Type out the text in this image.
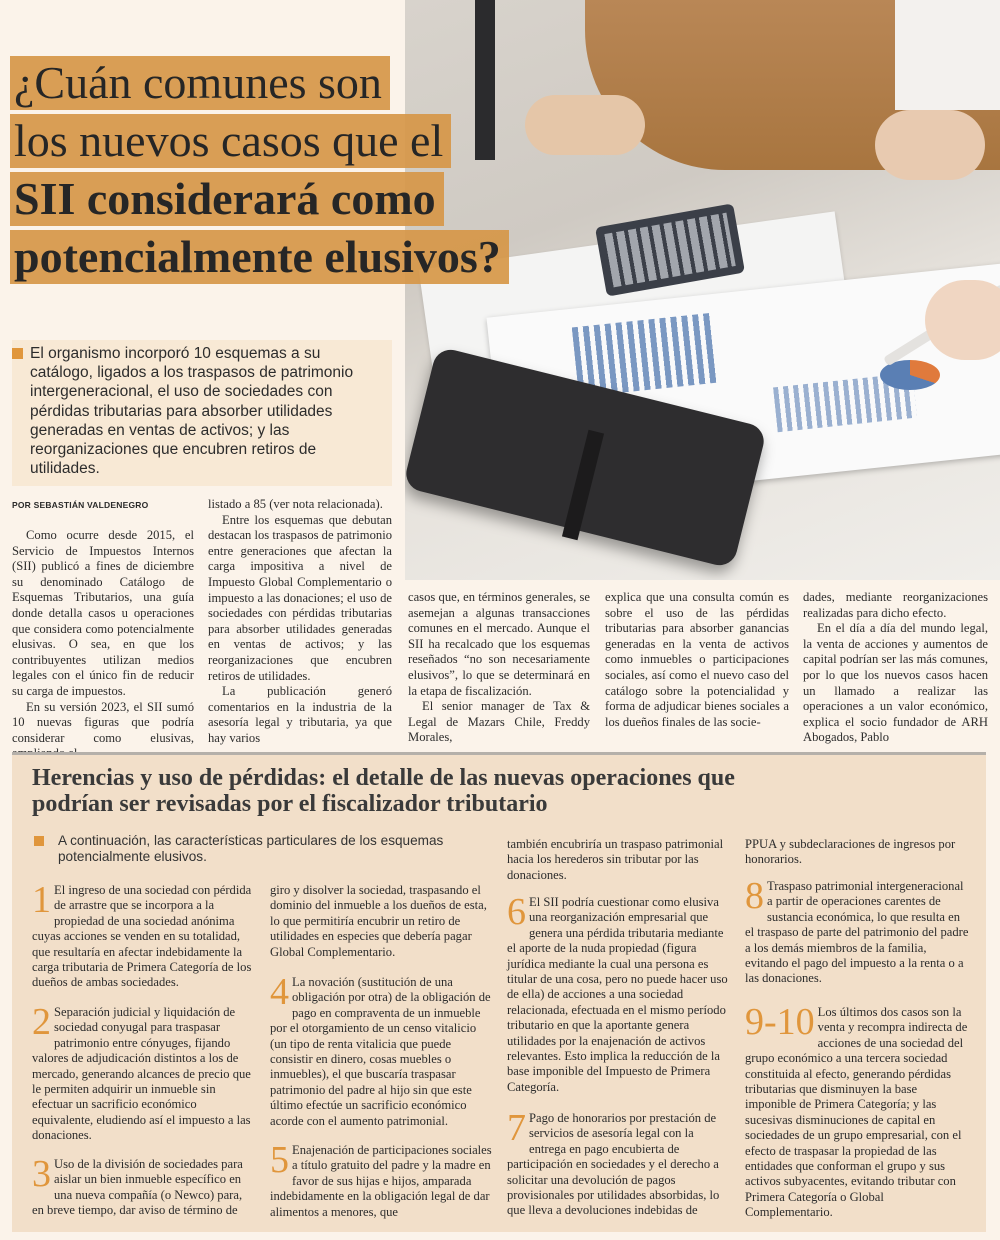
¿Cuán comunes son
los nuevos casos que el
SII considerará como
potencialmente elusivos?

El organismo incorporó 10 esquemas a su catálogo, ligados a los traspasos de patrimonio intergeneracional, el uso de sociedades con pérdidas tributarias para absorber utilidades generadas en ventas de activos; y las reorganizaciones que encubren retiros de utilidades.

POR SEBASTIÁN VALDENEGRO

Como ocurre desde 2015, el Servicio de Impuestos Internos (SII) publicó a fines de diciembre su denominado Catálogo de Esquemas Tributarios, una guía donde detalla casos u operaciones que considera como potencialmente elusivas. O sea, en que los contribuyentes utilizan medios legales con el único fin de reducir su carga de impuestos.

En su versión 2023, el SII sumó 10 nuevas figuras que podría considerar como elusivas,

listado a 85 (ver nota relacionada).

Entre los esquemas que debutan destacan los traspasos de patrimonio entre generaciones que afectan la carga impositiva a nivel de Impuesto Global Complementario o impuesto a las donaciones; el uso de sociedades con pérdidas tributarias para absorber utilidades generadas en ventas de activos; y las reorganizaciones que encubren retiros de utilidades.

La publicación generó comentarios en la industria de la asesoría legal y tributaria, ya que hay varios

casos que, en términos generales, se asemejan a algunas transacciones comunes en el mercado. Aunque el SII ha recalcado que los esquemas reseñados “no son necesariamente elusivos”, lo que se determinará en la etapa de fiscalización.

El senior manager de Tax & Legal de Mazars Chile, Freddy Morales,

explica que una consulta común es sobre el uso de las pérdidas tributarias para absorber ganancias generadas en la venta de activos como inmuebles o participaciones sociales, así como el nuevo caso del catálogo sobre la potencialidad y forma de adjudicar bienes sociales a los dueños finales de las socie-

dades, mediante reorganizaciones realizadas para dicho efecto.

En el día a día del mundo legal, la venta de acciones y aumentos de capital podrían ser las más comunes, por lo que los nuevos casos hacen un llamado a realizar las operaciones a un valor económico, explica el socio fundador de ARH Abogados, Pablo

Herencias y uso de pérdidas: el detalle de las nuevas operaciones que podrían ser revisadas por el fiscalizador tributario
A continuación, las características particulares de los esquemas potencialmente elusivos.
1 El ingreso de una sociedad con pérdida de arrastre que se incorpora a la propiedad de una sociedad anónima cuyas acciones se venden en su totalidad, que resultaría en afectar indebidamente la carga tributaria de Primera Categoría de los dueños de ambas sociedades.
2 Separación judicial y liquidación de sociedad conyugal para traspasar patrimonio entre cónyuges, fijando valores de adjudicación distintos a los de mercado, generando alcances de precio que le permiten adquirir un inmueble sin efectuar un sacrificio económico equivalente, eludiendo así el impuesto a las donaciones.
3 Uso de la división de sociedades para aislar un bien inmueble específico en una nueva compañía (o Newco) para, en breve tiempo, dar aviso de término de
giro y disolver la sociedad, traspasando el dominio del inmueble a los dueños de esta, lo que permitiría encubrir un retiro de utilidades en especies que debería pagar Global Complementario.
4 La novación (sustitución de una obligación por otra) de la obligación de pago en compraventa de un inmueble por el otorgamiento de un censo vitalicio (un tipo de renta vitalicia que puede consistir en dinero, cosas muebles o inmuebles), el que buscaría traspasar patrimonio del padre al hijo sin que este último efectúe un sacrificio económico acorde con el aumento patrimonial.
5 Enajenación de participaciones sociales a título gratuito del padre y la madre en favor de sus hijas e hijos, amparada indebidamente en la obligación legal de dar alimentos a menores, que
también encubriría un traspaso patrimonial hacia los herederos sin tributar por las donaciones.
6 El SII podría cuestionar como elusiva una reorganización empresarial que genera una pérdida tributaria mediante el aporte de la nuda propiedad (figura jurídica mediante la cual una persona es titular de una cosa, pero no puede hacer uso de ella) de acciones a una sociedad relacionada, efectuada en el mismo período tributario en que la aportante genera utilidades por la enajenación de activos relevantes. Esto implica la reducción de la base imponible del Impuesto de Primera Categoría.
7 Pago de honorarios por prestación de servicios de asesoría legal con la entrega en pago encubierta de participación en sociedades y el derecho a solicitar una devolución de pagos provisionales por utilidades absorbidas, lo que lleva a devoluciones indebidas de
PPUA y subdeclaraciones de ingresos por honorarios.
8 Traspaso patrimonial intergeneracional a partir de operaciones carentes de sustancia económica, lo que resulta en el traspaso de parte del patrimonio del padre a los demás miembros de la familia, evitando el pago del impuesto a la renta o a las donaciones.
9-10 Los últimos dos casos son la venta y recompra indirecta de acciones de una sociedad del grupo económico a una tercera sociedad constituida al efecto, generando pérdidas tributarias que disminuyen la base imponible de Primera Categoría; y las sucesivas disminuciones de capital en sociedades de un grupo empresarial, con el efecto de traspasar la propiedad de las entidades que conforman el grupo y sus activos subyacentes, evitando tributar con Primera Categoría o Global Complementario.
